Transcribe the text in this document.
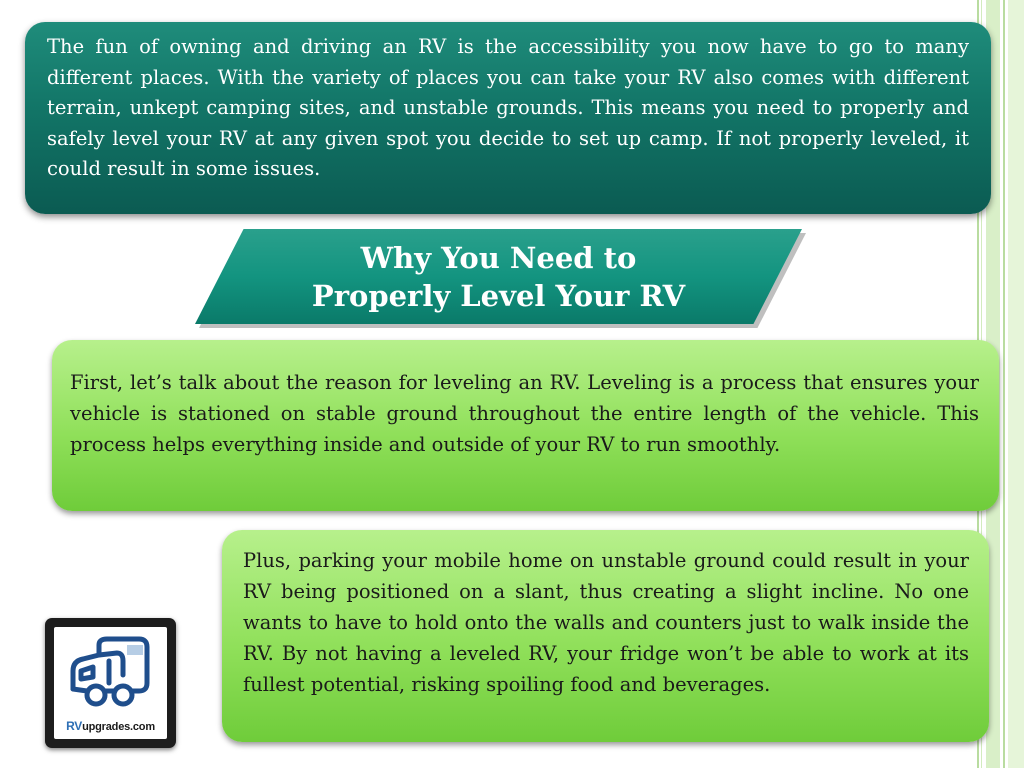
The fun of owning and driving an RV is the accessibility you now have to go to many different places. With the variety of places you can take your RV also comes with different terrain, unkept camping sites, and unstable grounds. This means you need to properly and safely level your RV at any given spot you decide to set up camp. If not properly leveled, it could result in some issues.

Why You Need to
Properly Level Your RV

First, let’s talk about the reason for leveling an RV. Leveling is a process that ensures your vehicle is stationed on stable ground throughout the entire length of the vehicle. This process helps everything inside and outside of your RV to run smoothly.

Plus, parking your mobile home on unstable ground could result in your RV being positioned on a slant, thus creating a slight incline. No one wants to have to hold onto the walls and counters just to walk inside the RV. By not having a leveled RV, your fridge won’t be able to work at its fullest potential, risking spoiling food and beverages.

RVupgrades.com
